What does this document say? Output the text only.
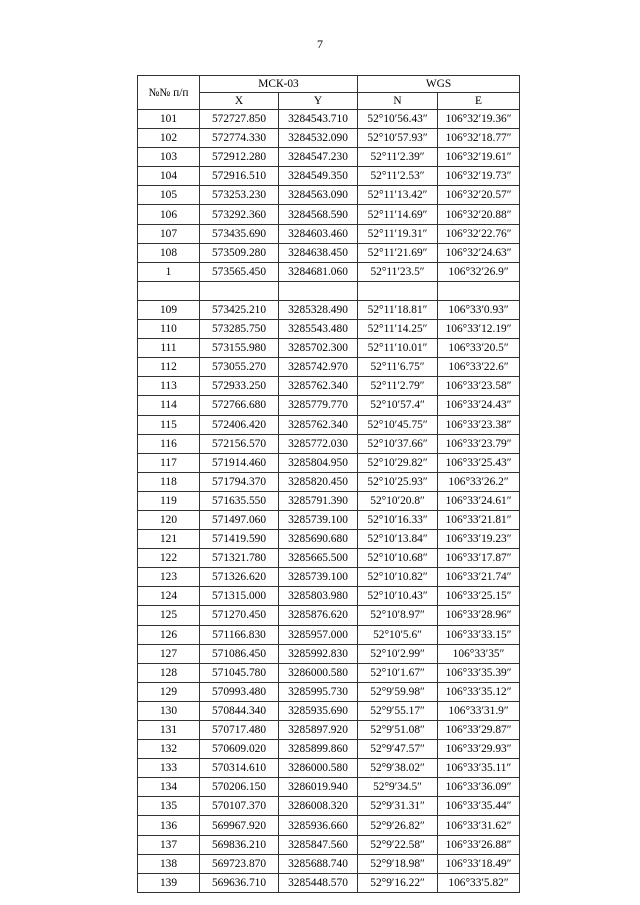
7
№№ п/п	МСК-03		WGS	
	X	Y	N	E
101	572727.850	3284543.710	52°10′56.43″	106°32′19.36″
102	572774.330	3284532.090	52°10′57.93″	106°32′18.77″
103	572912.280	3284547.230	52°11′2.39″	106°32′19.61″
104	572916.510	3284549.350	52°11′2.53″	106°32′19.73″
105	573253.230	3284563.090	52°11′13.42″	106°32′20.57″
106	573292.360	3284568.590	52°11′14.69″	106°32′20.88″
107	573435.690	3284603.460	52°11′19.31″	106°32′22.76″
108	573509.280	3284638.450	52°11′21.69″	106°32′24.63″
1	573565.450	3284681.060	52°11′23.5″	106°32′26.9″

109	573425.210	3285328.490	52°11′18.81″	106°33′0.93″
110	573285.750	3285543.480	52°11′14.25″	106°33′12.19″
111	573155.980	3285702.300	52°11′10.01″	106°33′20.5″
112	573055.270	3285742.970	52°11′6.75″	106°33′22.6″
113	572933.250	3285762.340	52°11′2.79″	106°33′23.58″
114	572766.680	3285779.770	52°10′57.4″	106°33′24.43″
115	572406.420	3285762.340	52°10′45.75″	106°33′23.38″
116	572156.570	3285772.030	52°10′37.66″	106°33′23.79″
117	571914.460	3285804.950	52°10′29.82″	106°33′25.43″
118	571794.370	3285820.450	52°10′25.93″	106°33′26.2″
119	571635.550	3285791.390	52°10′20.8″	106°33′24.61″
120	571497.060	3285739.100	52°10′16.33″	106°33′21.81″
121	571419.590	3285690.680	52°10′13.84″	106°33′19.23″
122	571321.780	3285665.500	52°10′10.68″	106°33′17.87″
123	571326.620	3285739.100	52°10′10.82″	106°33′21.74″
124	571315.000	3285803.980	52°10′10.43″	106°33′25.15″
125	571270.450	3285876.620	52°10′8.97″	106°33′28.96″
126	571166.830	3285957.000	52°10′5.6″	106°33′33.15″
127	571086.450	3285992.830	52°10′2.99″	106°33′35″
128	571045.780	3286000.580	52°10′1.67″	106°33′35.39″
129	570993.480	3285995.730	52°9′59.98″	106°33′35.12″
130	570844.340	3285935.690	52°9′55.17″	106°33′31.9″
131	570717.480	3285897.920	52°9′51.08″	106°33′29.87″
132	570609.020	3285899.860	52°9′47.57″	106°33′29.93″
133	570314.610	3286000.580	52°9′38.02″	106°33′35.11″
134	570206.150	3286019.940	52°9′34.5″	106°33′36.09″
135	570107.370	3286008.320	52°9′31.31″	106°33′35.44″
136	569967.920	3285936.660	52°9′26.82″	106°33′31.62″
137	569836.210	3285847.560	52°9′22.58″	106°33′26.88″
138	569723.870	3285688.740	52°9′18.98″	106°33′18.49″
139	569636.710	3285448.570	52°9′16.22″	106°33′5.82″
